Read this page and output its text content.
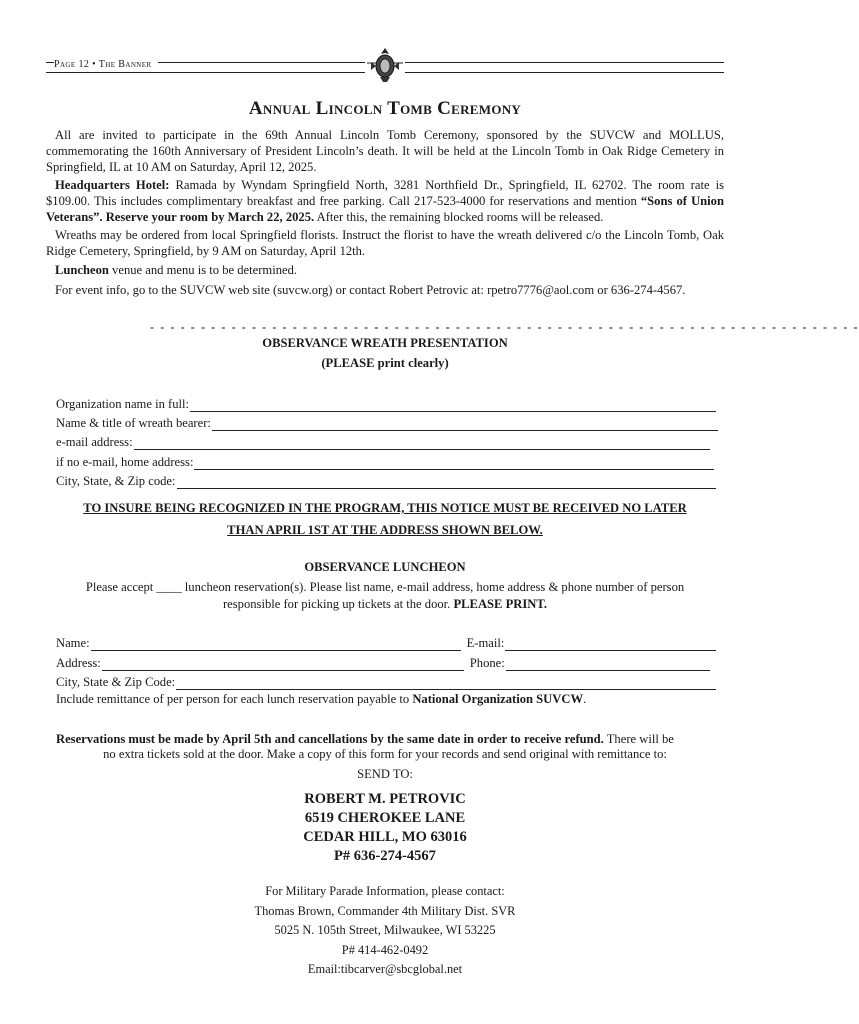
Page 12 • The Banner
Annual Lincoln Tomb Ceremony
All are invited to participate in the 69th Annual Lincoln Tomb Ceremony, sponsored by the SUVCW and MOLLUS, commemorating the 160th Anniversary of President Lincoln’s death. It will be held at the Lincoln Tomb in Oak Ridge Cemetery in Springfield, IL at 10 AM on Saturday, April 12, 2025.
Headquarters Hotel: Ramada by Wyndam Springfield North, 3281 Northfield Dr., Springfield, IL 62702. The room rate is $109.00. This includes complimentary breakfast and free parking. Call 217-523-4000 for reservations and mention “Sons of Union Veterans”. Reserve your room by March 22, 2025. After this, the remaining blocked rooms will be released.
Wreaths may be ordered from local Springfield florists. Instruct the florist to have the wreath delivered c/o the Lincoln Tomb, Oak Ridge Cemetery, Springfield, by 9 AM on Saturday, April 12th.
Luncheon venue and menu is to be determined.
For event info, go to the SUVCW web site (suvcw.org) or contact Robert Petrovic at: rpetro7776@aol.com or 636-274-4567.
- - - - - - - - - - - - - - - - - - - - - - - - - - - - - - - - - - - - - - - - - - - - - - - - - - - - - - - - - - - - - - - - - - - - - -
OBSERVANCE WREATH PRESENTATION
(PLEASE print clearly)
Organization name in full:
Name & title of wreath bearer:
e-mail address:
if no e-mail, home address:
City, State, & Zip code:
TO INSURE BEING RECOGNIZED IN THE PROGRAM, THIS NOTICE MUST BE RECEIVED NO LATER
THAN APRIL 1ST AT THE ADDRESS SHOWN BELOW.
OBSERVANCE LUNCHEON
Please accept ____ luncheon reservation(s). Please list name, e-mail address, home address & phone number of person
responsible for picking up tickets at the door. PLEASE PRINT.
Name:	E-mail:
Address:	Phone:
City, State & Zip Code:
Include remittance of per person for each lunch reservation payable to National Organization SUVCW.
Reservations must be made by April 5th and cancellations by the same date in order to receive refund. There will be
no extra tickets sold at the door. Make a copy of this form for your records and send original with remittance to:
SEND TO:
ROBERT M. PETROVIC
6519 CHEROKEE LANE
CEDAR HILL, MO 63016
P# 636-274-4567
For Military Parade Information, please contact:
Thomas Brown, Commander 4th Military Dist. SVR
5025 N. 105th Street, Milwaukee, WI 53225
P# 414-462-0492
Email:tibcarver@sbcglobal.net
